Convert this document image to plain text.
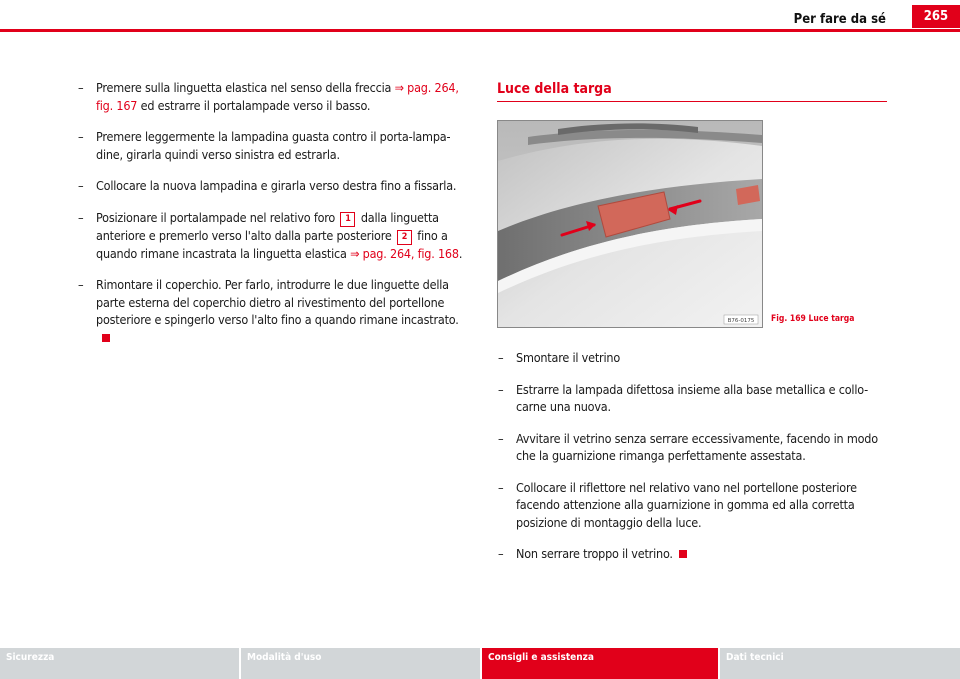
Per fare da sé	265
– Premere sulla linguetta elastica nel senso della freccia ⇒ pag. 264, fig. 167 ed estrarre il portalampade verso il basso.
– Premere leggermente la lampadina guasta contro il porta-lampa-dine, girarla quindi verso sinistra ed estrarla.
– Collocare la nuova lampadina e girarla verso destra fino a fissarla.
– Posizionare il portalampade nel relativo foro 1 dalla linguetta anteriore e premerlo verso l'alto dalla parte posteriore 2 fino a quando rimane incastrata la linguetta elastica ⇒ pag. 264, fig. 168.
– Rimontare il coperchio. Per farlo, introdurre le due linguette della parte esterna del coperchio dietro al rivestimento del portellone posteriore e spingerlo verso l'alto fino a quando rimane incastrato.
Luce della targa
B76-0175 Fig. 169 Luce targa
– Smontare il vetrino
– Estrarre la lampada difettosa insieme alla base metallica e collo-carne una nuova.
– Avvitare il vetrino senza serrare eccessivamente, facendo in modo che la guarnizione rimanga perfettamente assestata.
– Collocare il riflettore nel relativo vano nel portellone posteriore facendo attenzione alla guarnizione in gomma ed alla corretta posizione di montaggio della luce.
– Non serrare troppo il vetrino.
Sicurezza	Modalità d'uso	Consigli e assistenza	Dati tecnici
